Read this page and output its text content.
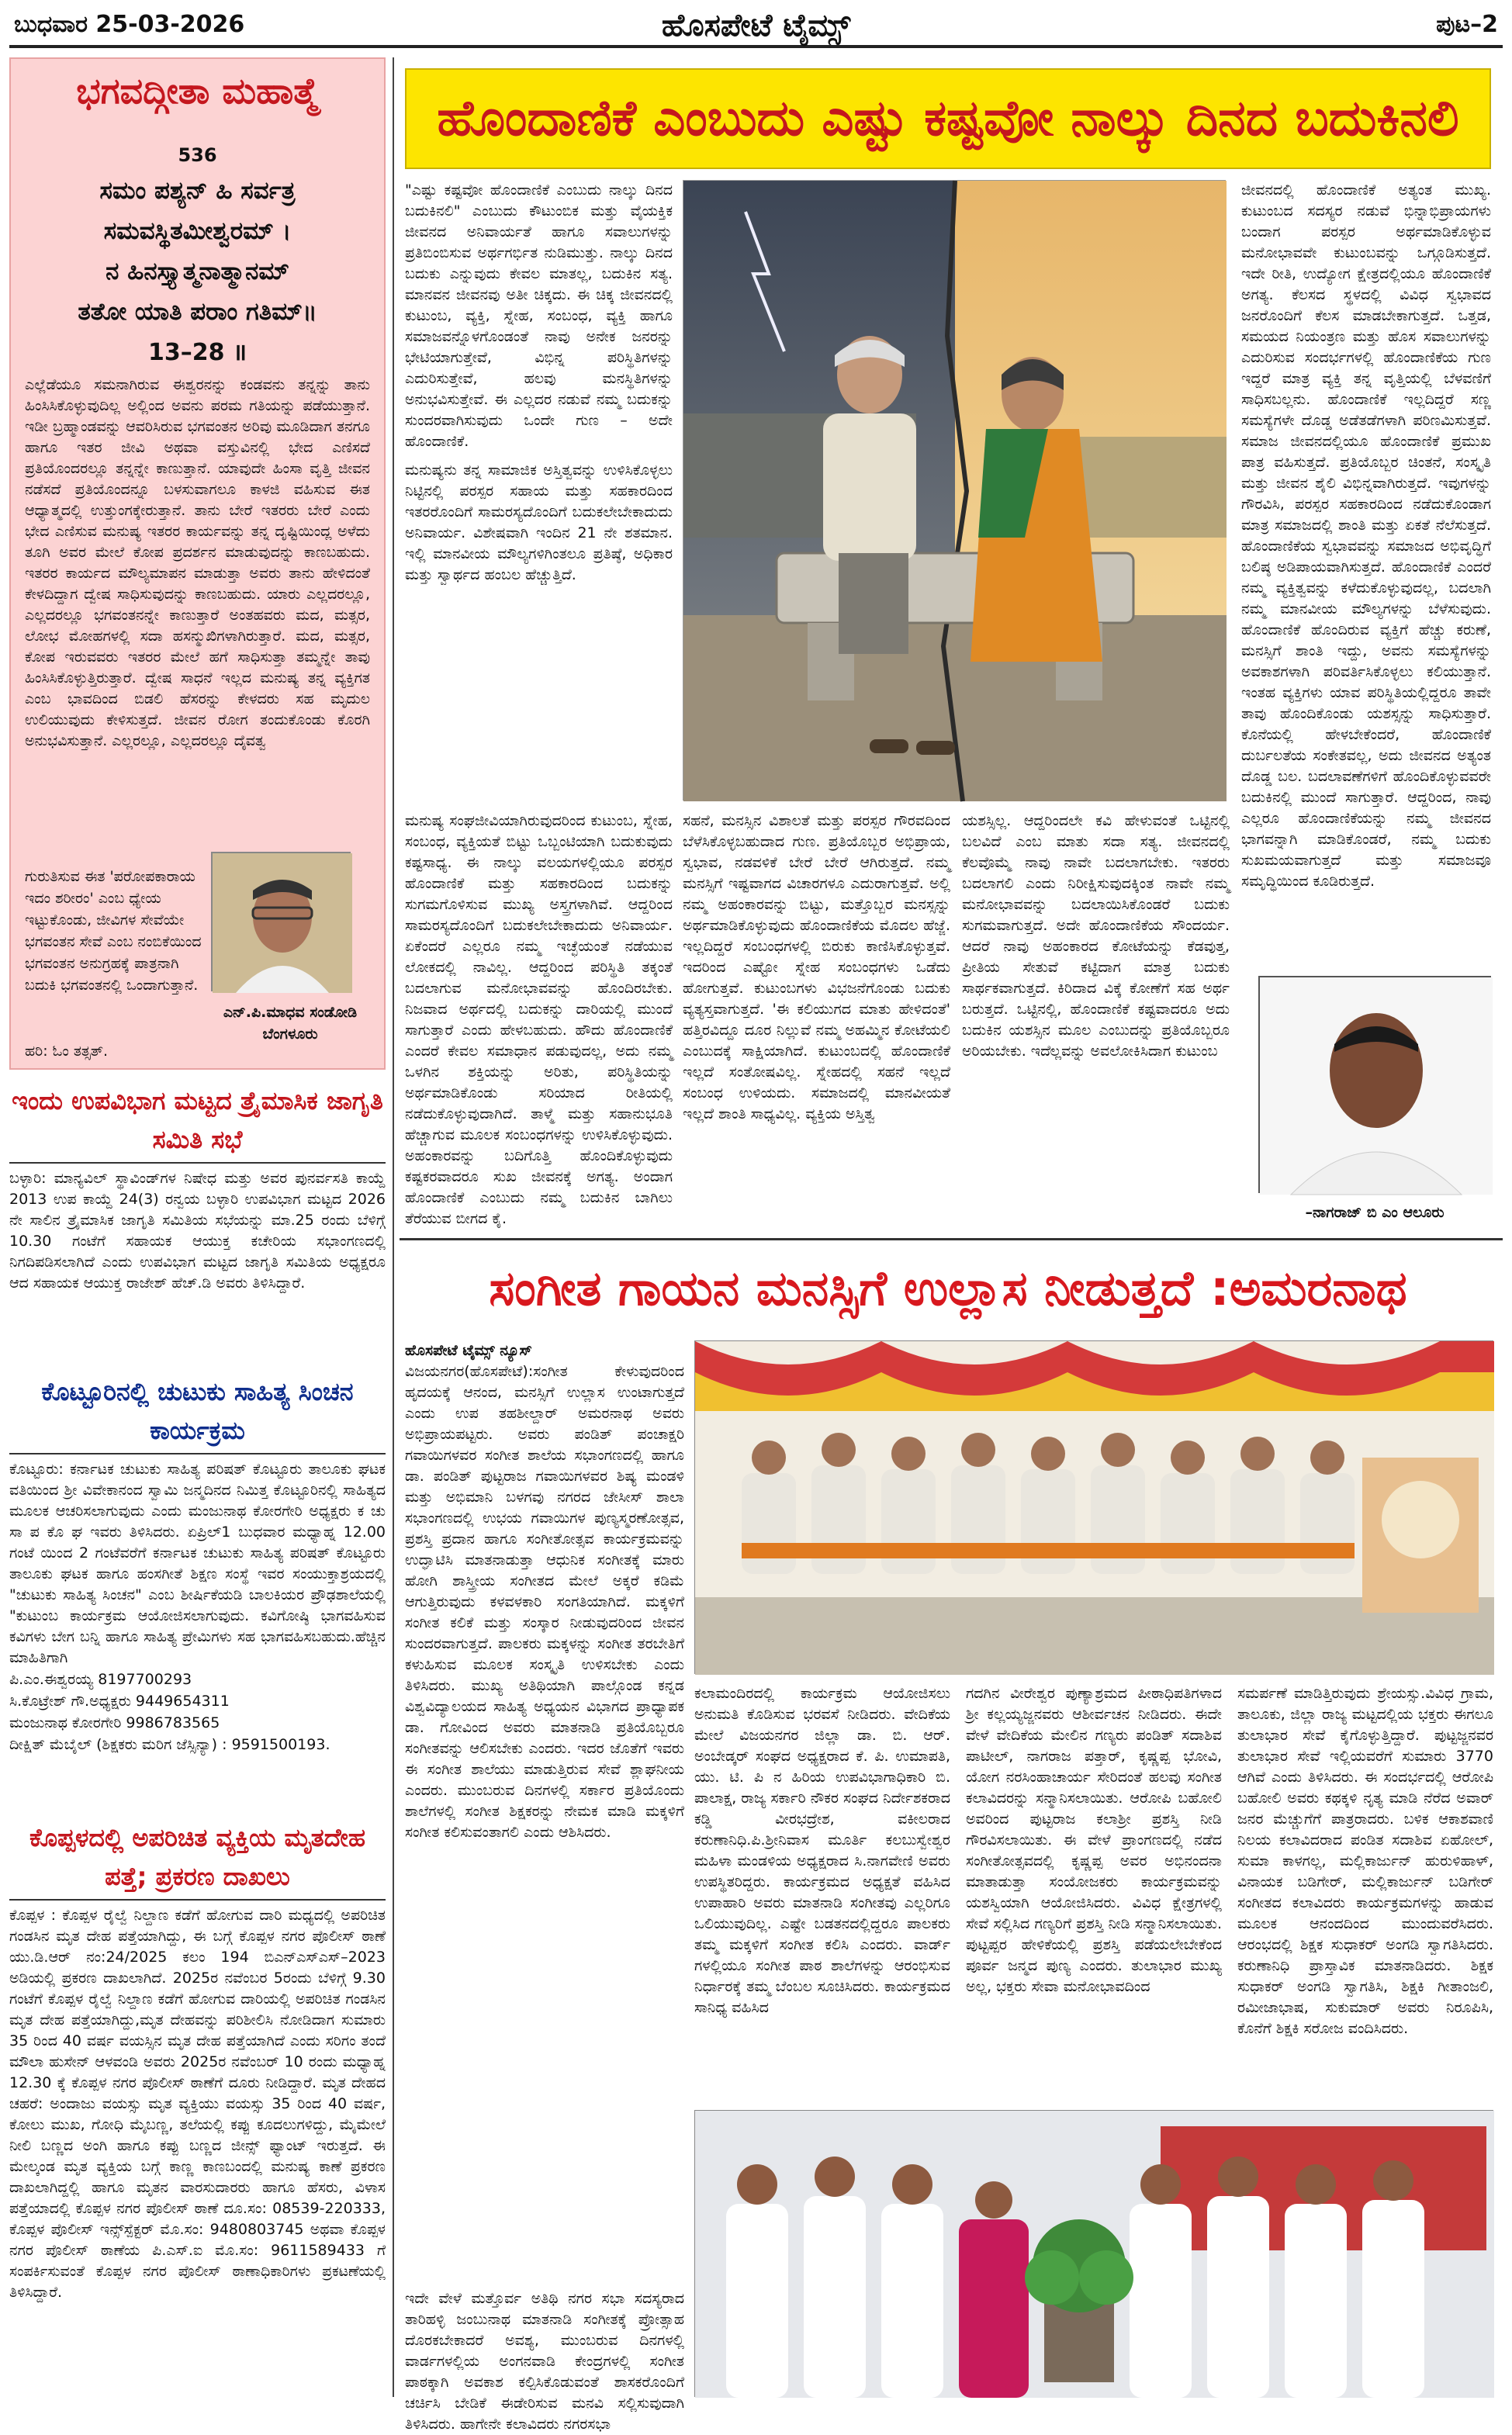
ಬುಧವಾರ 25-03-2026	ಹೊಸಪೇಟೆ ಟೈಮ್ಸ್	ಪುಟ–2
ಭಗವದ್ಗೀತಾ ಮಹಾತ್ಮೆ
536
ಸಮಂ ಪಶ್ಯನ್ ಹಿ ಸರ್ವತ್ರ
ಸಮವಸ್ಥಿತಮೀಶ್ವರಮ್ ।
ನ ಹಿನಸ್ತ್ಯಾತ್ಮನಾತ್ಮಾನಮ್
ತತೋ ಯಾತಿ ಪರಾಂ ಗತಿಮ್॥
13–28 ॥
ಎಲ್ಲೆಡೆಯೂ ಸಮನಾಗಿರುವ ಈಶ್ವರನನ್ನು ಕಂಡವನು ತನ್ನನ್ನು ತಾನು ಹಿಂಸಿಸಿಕೊಳ್ಳುವುದಿಲ್ಲ ಅಲ್ಲಿಂದ ಅವನು ಪರಮ ಗತಿಯನ್ನು ಪಡೆಯುತ್ತಾನೆ. ಇಡೀ ಬ್ರಹ್ಮಾಂಡವನ್ನು ಆವರಿಸಿರುವ ಭಗವಂತನ ಅರಿವು ಮೂಡಿದಾಗ ತನಗೂ ಹಾಗೂ ಇತರ ಜೀವಿ ಅಥವಾ ವಸ್ತುವಿನಲ್ಲಿ ಭೇದ ಎಣಿಸದೆ ಪ್ರತಿಯೊಂದರಲ್ಲೂ ತನ್ನನ್ನೇ ಕಾಣುತ್ತಾನೆ. ಯಾವುದೇ ಹಿಂಸಾ ವೃತ್ತಿ ಜೀವನ ನಡೆಸದೆ ಪ್ರತಿಯೊಂದನ್ನೂ ಬಳಸುವಾಗಲೂ ಕಾಳಜಿ ವಹಿಸುವ ಈತ ಆಧ್ಯಾತ್ಮದಲ್ಲಿ ಉತ್ತುಂಗಕ್ಕೇರುತ್ತಾನೆ. ತಾನು ಬೇರೆ ಇತರರು ಬೇರೆ ಎಂದು ಭೇದ ಎಣಿಸುವ ಮನುಷ್ಯ ಇತರರ ಕಾರ್ಯವನ್ನು ತನ್ನ ದೃಷ್ಟಿಯಿಂದ್ಲ ಅಳೆದು ತೂಗಿ ಅವರ ಮೇಲೆ ಕೋಪ ಪ್ರದರ್ಶನ ಮಾಡುವುದನ್ನು ಕಾಣಬಹುದು. ಇತರರ ಕಾರ್ಯದ ಮೌಲ್ಯಮಾಪನ ಮಾಡುತ್ತಾ ಅವರು ತಾನು ಹೇಳಿದಂತೆ ಕೇಳದಿದ್ದಾಗ ದ್ವೇಷ ಸಾಧಿಸುವುದನ್ನು ಕಾಣಬಹುದು. ಯಾರು ಎಲ್ಲದರಲ್ಲೂ, ಎಲ್ಲದರಲ್ಲೂ ಭಗವಂತನನ್ನೇ ಕಾಣುತ್ತಾರೆ ಅಂತಹವರು ಮದ, ಮತ್ಸರ, ಲೋಭ ಮೋಹಗಳಲ್ಲಿ ಸದಾ ಹಸನ್ಮುಖಿಗಳಾಗಿರುತ್ತಾರೆ. ಮದ, ಮತ್ಸರ, ಕೋಪ ಇರುವವರು ಇತರರ ಮೇಲೆ ಹಗೆ ಸಾಧಿಸುತ್ತಾ ತಮ್ಮನ್ನೇ ತಾವು ಹಿಂಸಿಸಿಕೊಳ್ಳುತ್ತಿರುತ್ತಾರೆ. ದ್ವೇಷ ಸಾಧನೆ ಇಲ್ಲದ ಮನುಷ್ಯ ತನ್ನ ವ್ಯಕ್ತಿಗತ ಎಂಬ ಭಾವದಿಂದ ಬಿಡಲಿ ಹೆಸರನ್ನು ಕೇಳದರು ಸಹ ಮೃದುಲ ಉಲಿಯುವುದು ಕೇಳಿಸುತ್ತದೆ. ಜೀವನ ರೋಗ ತಂದುಕೊಂಡು ಕೊರಗಿ ಅನುಭವಿಸುತ್ತಾನೆ. ಎಲ್ಲರಲ್ಲೂ, ಎಲ್ಲದರಲ್ಲೂ ದೈವತ್ವ
ಗುರುತಿಸುವ ಈತ 'ಪರೋಪಕಾರಾಯ ಇದಂ ಶರೀರಂ' ಎಂಬ ಧ್ಯೇಯ ಇಟ್ಟುಕೊಂಡು, ಜೀವಿಗಳ ಸೇವೆಯೇ ಭಗವಂತನ ಸೇವೆ ಎಂಬ ನಂಬಿಕೆಯಿಂದ ಭಗವಂತನ ಅನುಗ್ರಹಕ್ಕೆ ಪಾತ್ರನಾಗಿ ಬದುಕಿ ಭಗವಂತನಲ್ಲಿ ಒಂದಾಗುತ್ತಾನೆ.
ಎನ್.ಪಿ.ಮಾಧವ ಸಂಡೋಡಿ
ಬೆಂಗಳೂರು
ಹರಿ: ಓಂ ತತ್ಸತ್.
ಇಂದು ಉಪವಿಭಾಗ ಮಟ್ಟದ ತ್ರೈಮಾಸಿಕ ಜಾಗೃತಿ ಸಮಿತಿ ಸಭೆ
ಬಳ್ಳಾರಿ: ಮಾನ್ಯವಿಲ್ ಸ್ಥಾವಿಂಡ್‌ಗಳ ನಿಷೇಧ ಮತ್ತು ಅವರ ಪುನರ್ವಸತಿ ಕಾಯ್ದೆ 2013 ಉಪ ಕಾಯ್ದೆ 24(3) ರನ್ವಯ ಬಳ್ಳಾರಿ ಉಪವಿಭಾಗ ಮಟ್ಟದ 2026 ನೇ ಸಾಲಿನ ತ್ರೈಮಾಸಿಕ ಜಾಗೃತಿ ಸಮಿತಿಯ ಸಭೆಯನ್ನು ಮಾ.25 ರಂದು ಬೆಳಿಗ್ಗೆ 10.30 ಗಂಟೆಗೆ ಸಹಾಯಕ ಆಯುಕ್ತ ಕಚೇರಿಯ ಸಭಾಂಗಣದಲ್ಲಿ ನಿಗದಿಪಡಿಸಲಾಗಿದೆ ಎಂದು ಉಪವಿಭಾಗ ಮಟ್ಟದ ಜಾಗೃತಿ ಸಮಿತಿಯ ಅಧ್ಯಕ್ಷರೂ ಆದ ಸಹಾಯಕ ಆಯುಕ್ತ ರಾಜೇಶ್ ಹೆಚ್.ಡಿ ಅವರು ತಿಳಿಸಿದ್ದಾರೆ.
ಕೊಟ್ಟೂರಿನಲ್ಲಿ ಚುಟುಕು ಸಾಹಿತ್ಯ ಸಿಂಚನ ಕಾರ್ಯಕ್ರಮ
ಕೊಟ್ಟೂರು: ಕರ್ನಾಟಕ ಚುಟುಕು ಸಾಹಿತ್ಯ ಪರಿಷತ್ ಕೊಟ್ಟೂರು ತಾಲೂಕು ಘಟಕ ವತಿಯಿಂದ ಶ್ರೀ ವಿವೇಕಾನಂದ ಸ್ವಾಮಿ ಜನ್ಮದಿನದ ನಿಮಿತ್ತ ಕೊಟ್ಟೂರಿನಲ್ಲಿ ಸಾಹಿತ್ಯದ ಮೂಲಕ ಆಚರಿಸಲಾಗುವುದು ಎಂದು ಮಂಜುನಾಥ ಕೋರಗೇರಿ ಅಧ್ಯಕ್ಷರು ಕ ಚು ಸಾ ಪ ಕೊ ಘ ಇವರು ತಿಳಿಸಿದರು. ಏಪ್ರಿಲ್1 ಬುಧವಾರ ಮಧ್ಯಾಹ್ನ 12.00 ಗಂಟೆ ಯಿಂದ 2 ಗಂಟೆವರೆಗೆ ಕರ್ನಾಟಕ ಚುಟುಕು ಸಾಹಿತ್ಯ ಪರಿಷತ್ ಕೊಟ್ಟೂರು ತಾಲೂಕು ಘಟಕ ಹಾಗೂ ಹಂಸಗೀತೆ ಶಿಕ್ಷಣ ಸಂಸ್ಥೆ ಇವರ ಸಂಯುಕ್ತಾಶ್ರಯದಲ್ಲಿ "ಚುಟುಕು ಸಾಹಿತ್ಯ ಸಿಂಚನ" ಎಂಬ ಶೀರ್ಷಿಕೆಯಡಿ ಬಾಲಕಿಯರ ಪ್ರೌಢಶಾಲೆಯಲ್ಲಿ "ಕುಟುಂಬ ಕಾರ್ಯಕ್ರಮ ಆಯೋಜಿಸಲಾಗುವುದು. ಕವಿಗೋಷ್ಠಿ ಭಾಗವಹಿಸುವ ಕವಿಗಳು ಬೇಗ ಬನ್ನಿ ಹಾಗೂ ಸಾಹಿತ್ಯ ಪ್ರೇಮಿಗಳು ಸಹ ಭಾಗವಹಿಸಬಹುದು.ಹೆಚ್ಚಿನ ಮಾಹಿತಿಗಾಗಿ
ಪಿ.ಎಂ.ಈಶ್ವರಯ್ಯ 8197700293
ಸಿ.ಕೊಟ್ರೇಶ್ ಗೌ.ಅಧ್ಯಕ್ಷರು 9449654311
ಮಂಜುನಾಥ ಕೋರಗೇರಿ 9986783565
ದೀಕ್ಷಿತ್ ಮೆಬೈಲ್ (ಶಿಕ್ಷಕರು ಮರಿಗ ಜೆಸ್ಸಿನ್ಯಾ) : 9591500193.
ಕೊಪ್ಪಳದಲ್ಲಿ ಅಪರಿಚಿತ ವ್ಯಕ್ತಿಯ ಮೃತದೇಹ ಪತ್ತೆ; ಪ್ರಕರಣ ದಾಖಲು
ಕೊಪ್ಪಳ : ಕೊಪ್ಪಳ ರೈಲ್ವೆ ನಿಲ್ದಾಣ ಕಡೆಗೆ ಹೋಗುವ ದಾರಿ ಮಧ್ಯದಲ್ಲಿ ಅಪರಿಚಿತ ಗಂಡಸಿನ ಮೃತ ದೇಹ ಪತ್ತೆಯಾಗಿದ್ದು, ಈ ಬಗ್ಗೆ ಕೊಪ್ಪಳ ನಗರ ಪೊಲೀಸ್ ಠಾಣೆ ಯು.ಡಿ.ಆರ್ ನಂ:24/2025 ಕಲಂ 194 ಬಿಎನ್‌ಎಸ್‌ಎಸ್–2023 ಅಡಿಯಲ್ಲಿ ಪ್ರಕರಣ ದಾಖಲಾಗಿದೆ. 2025ರ ನವೆಂಬರ 5ರಂದು ಬೆಳಿಗ್ಗೆ 9.30 ಗಂಟೆಗೆ ಕೊಪ್ಪಳ ರೈಲ್ವೆ ನಿಲ್ದಾಣ ಕಡೆಗೆ ಹೋಗುವ ದಾರಿಯಲ್ಲಿ ಅಪರಿಚಿತ ಗಂಡಸಿನ ಮೃತ ದೇಹ ಪತ್ತೆಯಾಗಿದ್ದು,ಮೃತ ದೇಹವನ್ನು ಪರಿಶೀಲಿಸಿ ನೋಡಿದಾಗ ಸುಮಾರು 35 ರಿಂದ 40 ವರ್ಷ ವಯಸ್ಸಿನ ಮೃತ ದೇಹ ಪತ್ತೆಯಾಗಿದೆ ಎಂದು ಸರಿಗಂ ತಂದೆ ಮೌಲಾ ಹುಸೇನ್ ಆಳವಂಡಿ ಅವರು 2025ರ ನವೆಂಬರ್ 10 ರಂದು ಮಧ್ಯಾಹ್ನ 12.30 ಕ್ಕೆ ಕೊಪ್ಪಳ ನಗರ ಪೊಲೀಸ್ ಠಾಣೆಗೆ ದೂರು ನೀಡಿದ್ದಾರೆ. ಮೃತ ದೇಹದ ಚಹರೆ: ಅಂದಾಜು ವಯಸ್ಸು ಮೃತ ವ್ಯಕ್ತಿಯು ವಯಸ್ಸು 35 ರಿಂದ 40 ವರ್ಷ, ಕೋಲು ಮುಖ, ಗೋಧಿ ಮೈಬಣ್ಣ, ತಲೆಯಲ್ಲಿ ಕಪ್ಪು ಕೂದಲುಗಳಿದ್ದು, ಮೈಮೇಲೆ ನೀಲಿ ಬಣ್ಣದ ಅಂಗಿ ಹಾಗೂ ಕಪ್ಪು ಬಣ್ಣದ ಜೀನ್ಸ್ ಫ್ಯಾಂಟ್ ಇರುತ್ತದೆ. ಈ ಮೇಲ್ಕಂಡ ಮೃತ ವ್ಯಕ್ತಿಯ ಬಗ್ಗೆ ಕಾಣ್ಣ ಕಾಣಬಂದಲ್ಲಿ ಮನುಷ್ಯ ಕಾಣೆ ಪ್ರಕರಣ ದಾಖಲಾಗಿದ್ದಲ್ಲಿ ಹಾಗೂ ಮೃತನ ವಾರಸುದಾರರು ಹಾಗೂ ಹೆಸರು, ವಿಳಾಸ ಪತ್ತೆಯಾದಲ್ಲಿ ಕೊಪ್ಪಳ ನಗರ ಪೊಲೀಸ್ ಠಾಣೆ ದೂ.ಸಂ: 08539-220333, ಕೊಪ್ಪಳ ಪೊಲೀಸ್ ಇನ್ಸ್‌ಸ್ಪೆಕ್ಟರ್ ಮೊ.ಸಂ: 9480803745 ಅಥವಾ ಕೊಪ್ಪಳ ನಗರ ಪೊಲೀಸ್ ಠಾಣೆಯ ಪಿ.ಎಸ್.ಐ ಮೊ.ಸಂ: 9611589433 ಗೆ ಸಂಪರ್ಕಿಸುವಂತೆ ಕೊಪ್ಪಳ ನಗರ ಪೊಲೀಸ್ ಠಾಣಾಧಿಕಾರಿಗಳು ಪ್ರಕಟಣೆಯಲ್ಲಿ ತಿಳಿಸಿದ್ದಾರೆ.
ಹೊಂದಾಣಿಕೆ ಎಂಬುದು ಎಷ್ಟು ಕಷ್ಟವೋ ನಾಲ್ಕು ದಿನದ ಬದುಕಿನಲಿ
"ಎಷ್ಟು ಕಷ್ಟವೋ ಹೊಂದಾಣಿಕೆ ಎಂಬುದು ನಾಲ್ಕು ದಿನದ ಬದುಕಿನಲಿ" ಎಂಬುದು ಕೌಟುಂಬಿಕ ಮತ್ತು ವೈಯಕ್ತಿಕ ಜೀವನದ ಅನಿವಾರ್ಯತೆ ಹಾಗೂ ಸವಾಲುಗಳನ್ನು ಪ್ರತಿಬಿಂಬಿಸುವ ಅರ್ಥಗರ್ಭಿತ ನುಡಿಮುತ್ತು. ನಾಲ್ಕು ದಿನದ ಬದುಕು ಎನ್ನುವುದು ಕೇವಲ ಮಾತಲ್ಲ, ಬದುಕಿನ ಸತ್ಯ. ಮಾನವನ ಜೀವನವು ಅತೀ ಚಿಕ್ಕದು. ಈ ಚಿಕ್ಕ ಜೀವನದಲ್ಲಿ ಕುಟುಂಬ, ವ್ಯಕ್ತಿ, ಸ್ನೇಹ, ಸಂಬಂಧ, ವ್ಯಕ್ತಿ ಹಾಗೂ ಸಮಾಜವನ್ನೊಳಗೊಂಡಂತೆ ನಾವು ಅನೇಕ ಜನರನ್ನು ಭೇಟಿಯಾಗುತ್ತೇವೆ, ವಿಭಿನ್ನ ಪರಿಸ್ಥಿತಿಗಳನ್ನು ಎದುರಿಸುತ್ತೇವೆ, ಹಲವು ಮನಸ್ಥಿತಿಗಳನ್ನು ಅನುಭವಿಸುತ್ತೇವೆ. ಈ ಎಲ್ಲದರ ನಡುವೆ ನಮ್ಮ ಬದುಕನ್ನು ಸುಂದರವಾಗಿಸುವುದು ಒಂದೇ ಗುಣ – ಅದೇ ಹೊಂದಾಣಿಕೆ.
ಮನುಷ್ಯನು ತನ್ನ ಸಾಮಾಜಿಕ ಅಸ್ತಿತ್ವವನ್ನು ಉಳಿಸಿಕೊಳ್ಳಲು ನಿಟ್ಟಿನಲ್ಲಿ ಪರಸ್ಪರ ಸಹಾಯ ಮತ್ತು ಸಹಕಾರದಿಂದ ಇತರರೊಂದಿಗೆ ಸಾಮರಸ್ಯದೊಂದಿಗೆ ಬದುಕಲೇಬೇಕಾದುದು ಅನಿವಾರ್ಯ. ವಿಶೇಷವಾಗಿ ಇಂದಿನ 21 ನೇ ಶತಮಾನ. ಇಲ್ಲಿ ಮಾನವೀಯ ಮೌಲ್ಯಗಳಿಗಿಂತಲೂ ಪ್ರತಿಷ್ಠೆ, ಅಧಿಕಾರ ಮತ್ತು ಸ್ವಾರ್ಥದ ಹಂಬಲ ಹೆಚ್ಚುತ್ತಿದೆ.
ಮನುಷ್ಯ ಸಂಘಜೀವಿಯಾಗಿರುವುದರಿಂದ ಕುಟುಂಬ, ಸ್ನೇಹ, ಸಂಬಂಧ, ವ್ಯಕ್ತಿಯತೆ ಬಿಟ್ಟು ಒಬ್ಬಂಟಿಯಾಗಿ ಬದುಕುವುದು ಕಷ್ಟಸಾಧ್ಯ. ಈ ನಾಲ್ಕು ವಲಯಗಳಲ್ಲಿಯೂ ಪರಸ್ಪರ ಹೊಂದಾಣಿಕೆ ಮತ್ತು ಸಹಕಾರದಿಂದ ಬದುಕನ್ನು ಸುಗಮಗೊಳಿಸುವ ಮುಖ್ಯ ಅಸ್ತ್ರಗಳಾಗಿವೆ. ಆದ್ದರಿಂದ ಸಾಮರಸ್ಯದೊಂದಿಗೆ ಬದುಕಲೇಬೇಕಾದುದು ಅನಿವಾರ್ಯ. ಏಕೆಂದರೆ ಎಲ್ಲರೂ ನಮ್ಮ ಇಚ್ಛೆಯಂತೆ ನಡೆಯುವ ಲೋಕದಲ್ಲಿ ನಾವಿಲ್ಲ. ಆದ್ದರಿಂದ ಪರಿಸ್ಥಿತಿ ತಕ್ಕಂತೆ ಬದಲಾಗುವ ಮನೋಭಾವವನ್ನು ಹೊಂದಿರಬೇಕು. ನಿಜವಾದ ಅರ್ಥದಲ್ಲಿ ಬದುಕನ್ನು ದಾರಿಯಲ್ಲಿ ಮುಂದೆ ಸಾಗುತ್ತಾರೆ ಎಂದು ಹೇಳಬಹುದು. ಹೌದು ಹೊಂದಾಣಿಕೆ ಎಂದರೆ ಕೇವಲ ಸಮಾಧಾನ ಪಡುವುದಲ್ಲ, ಅದು ನಮ್ಮ ಒಳಗಿನ ಶಕ್ತಿಯನ್ನು ಅರಿತು, ಪರಿಸ್ಥಿತಿಯನ್ನು ಅರ್ಥಮಾಡಿಕೊಂಡು ಸರಿಯಾದ ರೀತಿಯಲ್ಲಿ ನಡೆದುಕೊಳ್ಳುವುದಾಗಿದೆ. ತಾಳ್ಮೆ ಮತ್ತು ಸಹಾನುಭೂತಿ ಹೆಚ್ಚಾಗುವ ಮೂಲಕ ಸಂಬಂಧಗಳನ್ನು ಉಳಿಸಿಕೊಳ್ಳುವುದು. ಅಹಂಕಾರವನ್ನು ಬದಿಗೊತ್ತಿ ಹೊಂದಿಕೊಳ್ಳುವುದು ಕಷ್ಟಕರವಾದರೂ ಸುಖ ಜೀವನಕ್ಕೆ ಅಗತ್ಯ. ಅಂದಾಗ ಹೊಂದಾಣಿಕೆ ಎಂಬುದು ನಮ್ಮ ಬದುಕಿನ ಬಾಗಿಲು ತೆರೆಯುವ ಬೀಗದ ಕೈ.
ಸಹನೆ, ಮನಸ್ಸಿನ ವಿಶಾಲತೆ ಮತ್ತು ಪರಸ್ಪರ ಗೌರವದಿಂದ ಬೆಳೆಸಿಕೊಳ್ಳಬಹುದಾದ ಗುಣ. ಪ್ರತಿಯೊಬ್ಬರ ಅಭಿಪ್ರಾಯ, ಸ್ವಭಾವ, ನಡವಳಿಕೆ ಬೇರೆ ಬೇರೆ ಆಗಿರುತ್ತದೆ. ನಮ್ಮ ಮನಸ್ಸಿಗೆ ಇಷ್ಟವಾಗದ ವಿಚಾರಗಳೂ ಎದುರಾಗುತ್ತವೆ. ಅಲ್ಲಿ ನಮ್ಮ ಅಹಂಕಾರವನ್ನು ಬಿಟ್ಟು, ಮತ್ತೊಬ್ಬರ ಮನಸ್ಸನ್ನು ಅರ್ಥಮಾಡಿಕೊಳ್ಳುವುದು ಹೊಂದಾಣಿಕೆಯ ಮೊದಲ ಹೆಜ್ಜೆ. ಇಲ್ಲದಿದ್ದರೆ ಸಂಬಂಧಗಳಲ್ಲಿ ಬಿರುಕು ಕಾಣಿಸಿಕೊಳ್ಳುತ್ತವೆ. ಇದರಿಂದ ಎಷ್ಟೋ ಸ್ನೇಹ ಸಂಬಂಧಗಳು ಒಡೆದು ಹೋಗುತ್ತವೆ. ಕುಟುಂಬಗಳು ವಿಭಜನೆಗೊಂಡು ಬದುಕು ವ್ಯತ್ಯಸ್ತವಾಗುತ್ತದೆ. 'ಈ ಕಲಿಯುಗದ ಮಾತು ಹೇಳಿದಂತೆ' ಹತ್ತಿರವಿದ್ದೂ ದೂರ ನಿಲ್ಲುವೆ ನಮ್ಮ ಅಹಮ್ಮಿನ ಕೋಟೆಯಲಿ ಎಂಬುದಕ್ಕೆ ಸಾಕ್ಷಿಯಾಗಿದೆ. ಕುಟುಂಬದಲ್ಲಿ ಹೊಂದಾಣಿಕೆ ಇಲ್ಲದೆ ಸಂತೋಷವಿಲ್ಲ. ಸ್ನೇಹದಲ್ಲಿ ಸಹನೆ ಇಲ್ಲದೆ ಸಂಬಂಧ ಉಳಿಯದು. ಸಮಾಜದಲ್ಲಿ ಮಾನವೀಯತೆ ಇಲ್ಲದೆ ಶಾಂತಿ ಸಾಧ್ಯವಿಲ್ಲ. ವ್ಯಕ್ತಿಯ ಅಸ್ತಿತ್ವ
ಯಶಸ್ಸಿಲ್ಲ. ಆದ್ದರಿಂದಲೇ ಕವಿ ಹೇಳುವಂತೆ ಒಟ್ಟಿನಲ್ಲಿ ಬಲವಿದೆ ಎಂಬ ಮಾತು ಸದಾ ಸತ್ಯ. ಜೀವನದಲ್ಲಿ ಕೆಲವೊಮ್ಮೆ ನಾವು ನಾವೇ ಬದಲಾಗಬೇಕು. ಇತರರು ಬದಲಾಗಲಿ ಎಂದು ನಿರೀಕ್ಷಿಸುವುದಕ್ಕಿಂತ ನಾವೇ ನಮ್ಮ ಮನೋಭಾವವನ್ನು ಬದಲಾಯಿಸಿಕೊಂಡರೆ ಬದುಕು ಸುಗಮವಾಗುತ್ತದೆ. ಅದೇ ಹೊಂದಾಣಿಕೆಯ ಸೌಂದರ್ಯ. ಆದರೆ ನಾವು ಅಹಂಕಾರದ ಕೋಟೆಯನ್ನು ಕೆಡವುತ್ತ, ಪ್ರೀತಿಯ ಸೇತುವೆ ಕಟ್ಟಿದಾಗ ಮಾತ್ರ ಬದುಕು ಸಾರ್ಥಕವಾಗುತ್ತದೆ. ಕಿರಿದಾದ ವಿಕ್ಕೆ ಕೋಣೆಗೆ ಸಹ ಅರ್ಥ ಬರುತ್ತದೆ. ಒಟ್ಟಿನಲ್ಲಿ, ಹೊಂದಾಣಿಕೆ ಕಷ್ಟವಾದರೂ ಅದು ಬದುಕಿನ ಯಶಸ್ಸಿನ ಮೂಲ ಎಂಬುದನ್ನು ಪ್ರತಿಯೊಬ್ಬರೂ ಅರಿಯಬೇಕು. ಇದೆಲ್ಲವನ್ನು ಅವಲೋಕಿಸಿದಾಗ ಕುಟುಂಬ
ಜೀವನದಲ್ಲಿ ಹೊಂದಾಣಿಕೆ ಅತ್ಯಂತ ಮುಖ್ಯ. ಕುಟುಂಬದ ಸದಸ್ಯರ ನಡುವೆ ಭಿನ್ನಾಭಿಪ್ರಾಯಗಳು ಬಂದಾಗ ಪರಸ್ಪರ ಅರ್ಥಮಾಡಿಕೊಳ್ಳುವ ಮನೋಭಾವವೇ ಕುಟುಂಬವನ್ನು ಒಗ್ಗೂಡಿಸುತ್ತದೆ. ಇದೇ ರೀತಿ, ಉದ್ಯೋಗ ಕ್ಷೇತ್ರದಲ್ಲಿಯೂ ಹೊಂದಾಣಿಕೆ ಅಗತ್ಯ. ಕೆಲಸದ ಸ್ಥಳದಲ್ಲಿ ವಿವಿಧ ಸ್ವಭಾವದ ಜನರೊಂದಿಗೆ ಕೆಲಸ ಮಾಡಬೇಕಾಗುತ್ತದೆ. ಒತ್ತಡ, ಸಮಯದ ನಿಯಂತ್ರಣ ಮತ್ತು ಹೊಸ ಸವಾಲುಗಳನ್ನು ಎದುರಿಸುವ ಸಂದರ್ಭಗಳಲ್ಲಿ ಹೊಂದಾಣಿಕೆಯ ಗುಣ ಇದ್ದರೆ ಮಾತ್ರ ವ್ಯಕ್ತಿ ತನ್ನ ವೃತ್ತಿಯಲ್ಲಿ ಬೆಳವಣಿಗೆ ಸಾಧಿಸಬಲ್ಲನು. ಹೊಂದಾಣಿಕೆ ಇಲ್ಲದಿದ್ದರೆ ಸಣ್ಣ ಸಮಸ್ಯೆಗಳೇ ದೊಡ್ಡ ಅಡೆತಡೆಗಳಾಗಿ ಪರಿಣಮಿಸುತ್ತವೆ. ಸಮಾಜ ಜೀವನದಲ್ಲಿಯೂ ಹೊಂದಾಣಿಕೆ ಪ್ರಮುಖ ಪಾತ್ರ ವಹಿಸುತ್ತದೆ. ಪ್ರತಿಯೊಬ್ಬರ ಚಿಂತನೆ, ಸಂಸ್ಕೃತಿ ಮತ್ತು ಜೀವನ ಶೈಲಿ ವಿಭಿನ್ನವಾಗಿರುತ್ತದೆ. ಇವುಗಳನ್ನು ಗೌರವಿಸಿ, ಪರಸ್ಪರ ಸಹಕಾರದಿಂದ ನಡೆದುಕೊಂಡಾಗ ಮಾತ್ರ ಸಮಾಜದಲ್ಲಿ ಶಾಂತಿ ಮತ್ತು ಏಕತೆ ನೆಲೆಸುತ್ತದೆ. ಹೊಂದಾಣಿಕೆಯ ಸ್ವಭಾವವನ್ನು ಸಮಾಜದ ಅಭಿವೃದ್ಧಿಗೆ ಬಲಿಷ್ಠ ಅಡಿಪಾಯವಾಗಿಸುತ್ತದೆ. ಹೊಂದಾಣಿಕೆ ಎಂದರೆ ನಮ್ಮ ವ್ಯಕ್ತಿತ್ವವನ್ನು ಕಳೆದುಕೊಳ್ಳುವುದಲ್ಲ, ಬದಲಾಗಿ ನಮ್ಮ ಮಾನವೀಯ ಮೌಲ್ಯಗಳನ್ನು ಬೆಳೆಸುವುದು. ಹೊಂದಾಣಿಕೆ ಹೊಂದಿರುವ ವ್ಯಕ್ತಿಗೆ ಹೆಚ್ಚು ಕರುಣೆ, ಮನಸ್ಸಿಗೆ ಶಾಂತಿ ಇದ್ದು, ಅವನು ಸಮಸ್ಯೆಗಳನ್ನು ಅವಕಾಶಗಳಾಗಿ ಪರಿವರ್ತಿಸಿಕೊಳ್ಳಲು ಕಲಿಯುತ್ತಾನೆ. ಇಂತಹ ವ್ಯಕ್ತಿಗಳು ಯಾವ ಪರಿಸ್ಥಿತಿಯಲ್ಲಿದ್ದರೂ ತಾವೇ ತಾವು ಹೊಂದಿಕೊಂಡು ಯಶಸ್ಸನ್ನು ಸಾಧಿಸುತ್ತಾರೆ. ಕೊನೆಯಲ್ಲಿ ಹೇಳಬೇಕೆಂದರೆ, ಹೊಂದಾಣಿಕೆ ದುರ್ಬಲತೆಯ ಸಂಕೇತವಲ್ಲ, ಅದು ಜೀವನದ ಅತ್ಯಂತ ದೊಡ್ಡ ಬಲ. ಬದಲಾವಣೆಗಳಿಗೆ ಹೊಂದಿಕೊಳ್ಳುವವರೇ ಬದುಕಿನಲ್ಲಿ ಮುಂದೆ ಸಾಗುತ್ತಾರೆ. ಆದ್ದರಿಂದ, ನಾವು ಎಲ್ಲರೂ ಹೊಂದಾಣಿಕೆಯನ್ನು ನಮ್ಮ ಜೀವನದ ಭಾಗವನ್ನಾಗಿ ಮಾಡಿಕೊಂಡರೆ, ನಮ್ಮ ಬದುಕು ಸುಖಮಯವಾಗುತ್ತದೆ ಮತ್ತು ಸಮಾಜವೂ ಸಮೃದ್ಧಿಯಿಂದ ಕೂಡಿರುತ್ತದೆ.
–ನಾಗರಾಜ್ ಬಿ ಎಂ ಆಲೂರು
ಸಂಗೀತ ಗಾಯನ ಮನಸ್ಸಿಗೆ ಉಲ್ಲಾಸ ನೀಡುತ್ತದೆ :ಅಮರನಾಥ
ಹೊಸಪೇಟೆ ಟೈಮ್ಸ್ ನ್ಯೂಸ್
ವಿಜಯನಗರ(ಹೊಸಪೇಟೆ):ಸಂಗೀತ ಕೇಳುವುದರಿಂದ ಹೃದಯಕ್ಕೆ ಆನಂದ, ಮನಸ್ಸಿಗೆ ಉಲ್ಲಾಸ ಉಂಟಾಗುತ್ತದೆ ಎಂದು ಉಪ ತಹಶೀಲ್ದಾರ್ ಅಮರನಾಥ ಅವರು ಅಭಿಪ್ರಾಯಪಟ್ಟರು. ಅವರು ಪಂಡಿತ್ ಪಂಚಾಕ್ಷರಿ ಗವಾಯಿಗಳವರ ಸಂಗೀತ ಶಾಲೆಯ ಸಭಾಂಗಣದಲ್ಲಿ ಹಾಗೂ ಡಾ. ಪಂಡಿತ್ ಪುಟ್ಟರಾಜ ಗವಾಯಿಗಳವರ ಶಿಷ್ಯ ಮಂಡಳಿ ಮತ್ತು ಅಭಿಮಾನಿ ಬಳಗವು ನಗರದ ಜೇಸೀಸ್ ಶಾಲಾ ಸಭಾಂಗಣದಲ್ಲಿ ಉಭಯ ಗವಾಯಿಗಳ ಪುಣ್ಯಸ್ಮರಣೋತ್ಸವ, ಪ್ರಶಸ್ತಿ ಪ್ರದಾನ ಹಾಗೂ ಸಂಗೀತೋತ್ಸವ ಕಾರ್ಯಕ್ರಮವನ್ನು ಉದ್ಘಾಟಿಸಿ ಮಾತನಾಡುತ್ತಾ ಆಧುನಿಕ ಸಂಗೀತಕ್ಕೆ ಮಾರು ಹೋಗಿ ಶಾಸ್ತ್ರೀಯ ಸಂಗೀತದ ಮೇಲೆ ಅಕ್ಕರೆ ಕಡಿಮೆ ಆಗುತ್ತಿರುವುದು ಕಳವಳಕಾರಿ ಸಂಗತಿಯಾಗಿದೆ. ಮಕ್ಕಳಿಗೆ ಸಂಗೀತ ಕಲಿಕೆ ಮತ್ತು ಸಂಸ್ಕಾರ ನೀಡುವುದರಿಂದ ಜೀವನ ಸುಂದರವಾಗುತ್ತದೆ. ಪಾಲಕರು ಮಕ್ಕಳನ್ನು ಸಂಗೀತ ತರಬೇತಿಗೆ ಕಳುಹಿಸುವ ಮೂಲಕ ಸಂಸ್ಕೃತಿ ಉಳಿಸಬೇಕು ಎಂದು ತಿಳಿಸಿದರು. ಮುಖ್ಯ ಅತಿಥಿಯಾಗಿ ಪಾಲ್ಗೊಂಡ ಕನ್ನಡ ವಿಶ್ವವಿದ್ಯಾಲಯದ ಸಾಹಿತ್ಯ ಅಧ್ಯಯನ ವಿಭಾಗದ ಪ್ರಾಧ್ಯಾಪಕ ಡಾ. ಗೋವಿಂದ ಅವರು ಮಾತನಾಡಿ ಪ್ರತಿಯೊಬ್ಬರೂ ಸಂಗೀತವನ್ನು ಆಲಿಸಬೇಕು ಎಂದರು. ಇದರ ಜೊತೆಗೆ ಇವರು ಈ ಸಂಗೀತ ಶಾಲೆಯು ಮಾಡುತ್ತಿರುವ ಸೇವೆ ಶ್ಲಾಘನೀಯ ಎಂದರು. ಮುಂಬರುವ ದಿನಗಳಲ್ಲಿ ಸರ್ಕಾರ ಪ್ರತಿಯೊಂದು ಶಾಲೆಗಳಲ್ಲಿ ಸಂಗೀತ ಶಿಕ್ಷಕರನ್ನು ನೇಮಕ ಮಾಡಿ ಮಕ್ಕಳಿಗೆ ಸಂಗೀತ ಕಲಿಸುವಂತಾಗಲಿ ಎಂದು ಆಶಿಸಿದರು.
ಕಲಾಮಂದಿರದಲ್ಲಿ ಕಾರ್ಯಕ್ರಮ ಆಯೋಜಿಸಲು ಅನುಮತಿ ಕೊಡಿಸುವ ಭರವಸೆ ನೀಡಿದರು. ವೇದಿಕೆಯ ಮೇಲೆ ವಿಜಯನಗರ ಜಿಲ್ಲಾ ಡಾ. ಬಿ. ಆರ್. ಅಂಬೇಡ್ಕರ್ ಸಂಘದ ಅಧ್ಯಕ್ಷರಾದ ಕೆ. ಪಿ. ಉಮಾಪತಿ, ಯು. ಟಿ. ಪಿ ನ ಹಿರಿಯ ಉಪವಿಭಾಗಾಧಿಕಾರಿ ಬಿ. ಪಾಲಾಕ್ಷ, ರಾಜ್ಯ ಸರ್ಕಾರಿ ನೌಕರ ಸಂಘದ ನಿರ್ದೇಶಕರಾದ ಕಡ್ಡಿ ವೀರಭದ್ರೇಶ, ವಕೀಲರಾದ ಕರುಣಾನಿಧಿ.ಪಿ.ಶ್ರೀನಿವಾಸ ಮೂರ್ತಿ ಕಲಬುಸ್ವೇಶ್ವರ ಮಹಿಳಾ ಮಂಡಳಿಯ ಅಧ್ಯಕ್ಷರಾದ ಸಿ.ನಾಗವೇಣಿ ಅವರು ಉಪಸ್ಥಿತರಿದ್ದರು. ಕಾರ್ಯಕ್ರಮದ ಅಧ್ಯಕ್ಷತೆ ವಹಿಸಿದ ಉಪಾಹಾರಿ ಅವರು ಮಾತನಾಡಿ ಸಂಗೀತವು ಎಲ್ಲರಿಗೂ ಒಲಿಯುವುದಿಲ್ಲ. ಎಷ್ಟೇ ಬಡತನದಲ್ಲಿದ್ದರೂ ಪಾಲಕರು ತಮ್ಮ ಮಕ್ಕಳಿಗೆ ಸಂಗೀತ ಕಲಿಸಿ ಎಂದರು. ವಾರ್ಡ್ ಗಳಲ್ಲಿಯೂ ಸಂಗೀತ ಪಾಠ ಶಾಲೆಗಳನ್ನು ಆರಂಭಿಸುವ ನಿರ್ಧಾರಕ್ಕೆ ತಮ್ಮ ಬೆಂಬಲ ಸೂಚಿಸಿದರು. ಕಾರ್ಯಕ್ರಮದ ಸಾನಿಧ್ಯ ವಹಿಸಿದ
ಗದಗಿನ ವೀರೇಶ್ವರ ಪುಣ್ಯಾಶ್ರಮದ ಪೀಠಾಧಿಪತಿಗಳಾದ ಶ್ರೀ ಕಲ್ಲಯ್ಯಜ್ಜನವರು ಆಶೀರ್ವಚನ ನೀಡಿದರು. ಈದೇ ವೇಳೆ ವೇದಿಕೆಯ ಮೇಲಿನ ಗಣ್ಯರು ಪಂಡಿತ್ ಸದಾಶಿವ ಪಾಟೀಲ್, ನಾಗರಾಜ ಪತ್ತಾರ್, ಕೃಷ್ಣಪ್ಪ ಭೋವಿ, ಯೋಗ ನರಸಿಂಹಾಚಾರ್ಯ ಸೇರಿದಂತೆ ಹಲವು ಸಂಗೀತ ಕಲಾವಿದರನ್ನು ಸನ್ಮಾನಿಸಲಾಯಿತು. ಆರೋಪಿ ಬಹೋಲಿ ಅವರಿಂದ ಪುಟ್ಟರಾಜ ಕಲಾಶ್ರೀ ಪ್ರಶಸ್ತಿ ನೀಡಿ ಗೌರವಿಸಲಾಯಿತು. ಈ ವೇಳೆ ಪ್ರಾಂಗಣದಲ್ಲಿ ನಡೆದ ಸಂಗೀತೋತ್ಸವದಲ್ಲಿ ಕೃಷ್ಣಪ್ಪ ಅವರ ಅಭಿನಂದನಾ ಮಾತಾಡುತ್ತಾ ಸಂಯೋಜಕರು ಕಾರ್ಯಕ್ರಮವನ್ನು ಯಶಸ್ವಿಯಾಗಿ ಆಯೋಜಿಸಿದರು. ವಿವಿಧ ಕ್ಷೇತ್ರಗಳಲ್ಲಿ ಸೇವೆ ಸಲ್ಲಿಸಿದ ಗಣ್ಯರಿಗೆ ಪ್ರಶಸ್ತಿ ನೀಡಿ ಸನ್ಮಾನಿಸಲಾಯಿತು. ಪುಟ್ಟಪ್ಪರ ಹೇಳಿಕೆಯಲ್ಲಿ ಪ್ರಶಸ್ತಿ ಪಡೆಯಲೇಬೇಕೆಂದ ಪೂರ್ವ ಜನ್ಮದ ಪುಣ್ಯ ಎಂದರು. ತುಲಾಭಾರ ಮುಖ್ಯ ಅಲ್ಲ, ಭಕ್ತರು ಸೇವಾ ಮನೋಭಾವದಿಂದ
ಸಮರ್ಪಣೆ ಮಾಡಿತ್ತಿರುವುದು ಶ್ರೇಯಸ್ಸು.ವಿವಿಧ ಗ್ರಾಮ, ತಾಲೂಕು, ಜಿಲ್ಲಾ ರಾಜ್ಯ ಮಟ್ಟದಲ್ಲಿಯ ಭಕ್ತರು ಈಗಲೂ ತುಲಾಭಾರ ಸೇವೆ ಕೈಗೊಳ್ಳುತ್ತಿದ್ದಾರೆ. ಪುಟ್ಟಜ್ಜನವರ ತುಲಾಭಾರ ಸೇವೆ ಇಲ್ಲಿಯವರೆಗೆ ಸುಮಾರು 3770 ಆಗಿವೆ ಎಂದು ತಿಳಿಸಿದರು. ಈ ಸಂದರ್ಭದಲ್ಲಿ ಆರೋಪಿ ಬಹೋಲಿ ಅವರು ಕಥಕ್ಕಳಿ ನೃತ್ಯ ಮಾಡಿ ನೆರೆದ ಅವಾರ್ ಜನರ ಮೆಚ್ಚುಗೆಗೆ ಪಾತ್ರರಾದರು. ಬಳಿಕ ಆಕಾಶವಾಣಿ ನಿಲಯ ಕಲಾವಿದರಾದ ಪಂಡಿತ ಸದಾಶಿವ ಏಹೋಲ್, ಸುಮಾ ಕಾಳಗಲ್ಲ, ಮಲ್ಲಿಕಾರ್ಜುನ್ ಹುರುಳಿಹಾಳ್, ವಿನಾಯಕ ಬಡಿಗೇರ್, ಮಲ್ಲಿಕಾರ್ಜುನ್ ಬಡಿಗೇರ್ ಸಂಗೀತದ ಕಲಾವಿದರು ಕಾರ್ಯಕ್ರಮಗಳನ್ನು ಹಾಡುವ ಮೂಲಕ ಆನಂದದಿಂದ ಮುಂದುವರೆಸಿದರು. ಆರಂಭದಲ್ಲಿ ಶಿಕ್ಷಕ ಸುಧಾಕರ್ ಅಂಗಡಿ ಸ್ವಾಗತಿಸಿದರು. ಕರುಣಾನಿಧಿ ಪ್ರಾಸ್ತಾವಿಕ ಮಾತನಾಡಿದರು. ಶಿಕ್ಷಕ ಸುಧಾಕರ್ ಅಂಗಡಿ ಸ್ವಾಗತಿಸಿ, ಶಿಕ್ಷಕಿ ಗೀತಾಂಜಲಿ, ರಮೀಜಾಭಾಷ, ಸುಕುಮಾರ್ ಅವರು ನಿರೂಪಿಸಿ, ಕೊನೆಗೆ ಶಿಕ್ಷಕಿ ಸರೋಜ ವಂದಿಸಿದರು.
ಇದೇ ವೇಳೆ ಮತ್ತೊರ್ವ ಅತಿಥಿ ನಗರ ಸಭಾ ಸದಸ್ಯರಾದ ತಾರಿಹಳ್ಳಿ ಜಂಬುನಾಥ ಮಾತನಾಡಿ ಸಂಗೀತಕ್ಕೆ ಪ್ರೋತ್ಸಾಹ ದೊರಕಬೇಕಾದರೆ ಅವಶ್ಯ, ಮುಂಬರುವ ದಿನಗಳಲ್ಲಿ ವಾರ್ಡಗಳಲ್ಲಿಯ ಅಂಗನವಾಡಿ ಕೇಂದ್ರಗಳಲ್ಲಿ ಸಂಗೀತ ಪಾಠಕ್ಕಾಗಿ ಅವಕಾಶ ಕಲ್ಪಿಸಿಕೊಡುವಂತೆ ಶಾಸಕರೊಂದಿಗೆ ಚರ್ಚಿಸಿ ಬೇಡಿಕೆ ಈಡೇರಿಸುವ ಮನವಿ ಸಲ್ಲಿಸುವುದಾಗಿ ತಿಳಿಸಿದರು. ಹಾಗೇನೇ ಕಲಾವಿದರು ನಗರಸಭಾ
